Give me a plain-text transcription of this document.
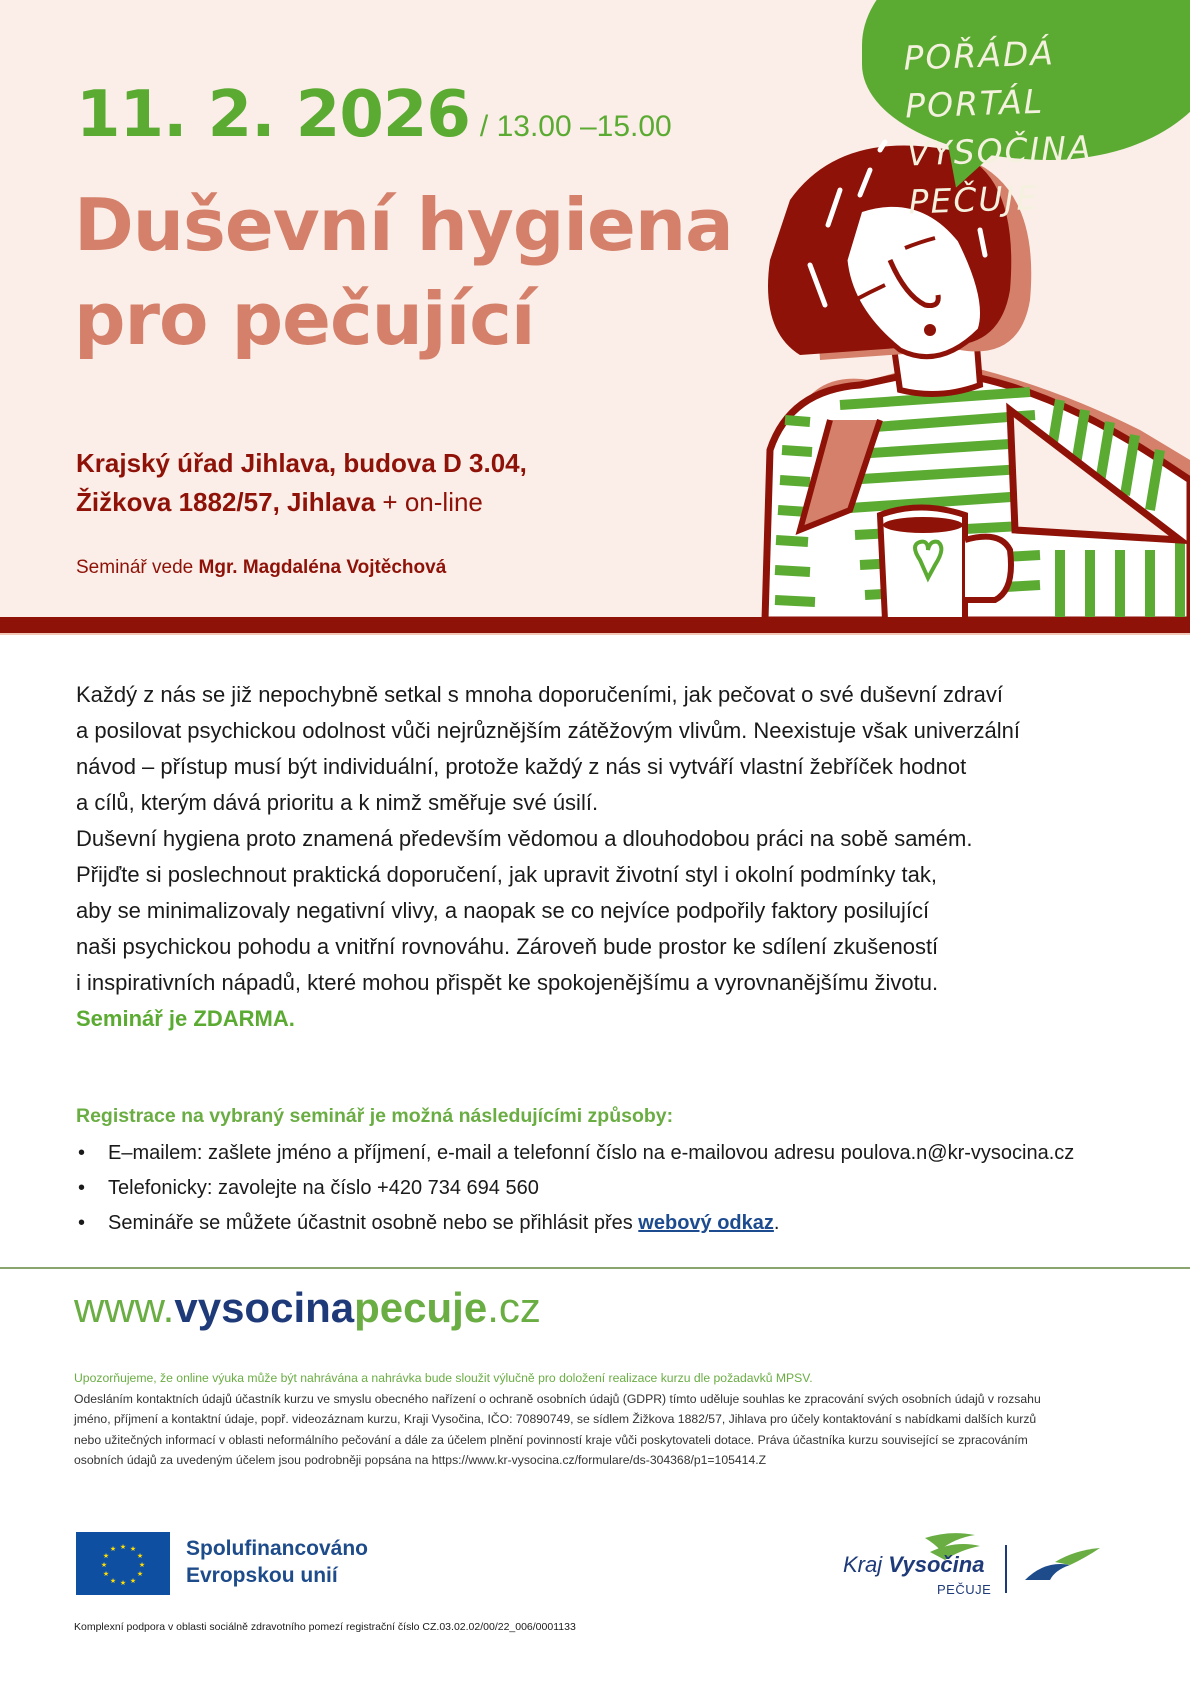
11. 2. 2026 / 13.00 –15.00
Duševní hygiena
pro pečující
Krajský úřad Jihlava, budova D 3.04,
Žižkova 1882/57, Jihlava + on-line
Seminář vede Mgr. Magdaléna Vojtěchová
POŘÁDÁ PORTÁL
VYSOČINA PEČUJE

Každý z nás se již nepochybně setkal s mnoha doporučeními, jak pečovat o své duševní zdraví

a posilovat psychickou odolnost vůči nejrůznějším zátěžovým vlivům. Neexistuje však univerzální

návod – přístup musí být individuální, protože každý z nás si vytváří vlastní žebříček hodnot

a cílů, kterým dává prioritu a k nimž směřuje své úsilí.

Duševní hygiena proto znamená především vědomou a dlouhodobou práci na sobě samém.

Přijďte si poslechnout praktická doporučení, jak upravit životní styl i okolní podmínky tak,

aby se minimalizovaly negativní vlivy, a naopak se co nejvíce podpořily faktory posilující

naši psychickou pohodu a vnitřní rovnováhu. Zároveň bude prostor ke sdílení zkušeností

i inspirativních nápadů, které mohou přispět ke spokojenějšímu a vyrovnanějšímu životu.

Seminář je ZDARMA.

Registrace na vybraný seminář je možná následujícími způsoby:
• E–mailem: zašlete jméno a příjmení, e-mail a telefonní číslo na e-mailovou adresu poulova.n@kr-vysocina.cz
• Telefonicky: zavolejte na číslo +420 734 694 560
• Semináře se můžete účastnit osobně nebo se přihlásit přes webový odkaz.
www.vysocinapecuje.cz
Upozorňujeme, že online výuka může být nahrávána a nahrávka bude sloužit výlučně pro doložení realizace kurzu dle požadavků MPSV.
Odesláním kontaktních údajů účastník kurzu ve smyslu obecného nařízení o ochraně osobních údajů (GDPR) tímto uděluje souhlas ke zpracování svých osobních údajů v rozsahu
jméno, příjmení a kontaktní údaje, popř. videozáznam kurzu, Kraji Vysočina, IČO: 70890749, se sídlem Žižkova 1882/57, Jihlava pro účely kontaktování s nabídkami dalších kurzů
nebo užitečných informací v oblasti neformálního pečování a dále za účelem plnění povinností kraje vůči poskytovateli dotace. Práva účastníka kurzu související se zpracováním
osobních údajů za uvedeným účelem jsou podrobněji popsána na https://www.kr-vysocina.cz/formulare/ds-304368/p1=105414.Z
★ ★
★
★
★
★
★
★
★
★
★
★	Spolufinancováno
Evropskou unií	Kraj Vysočina
PEČUJE
Komplexní podpora v oblasti sociálně zdravotního pomezí registrační číslo CZ.03.02.02/00/22_006/0001133
